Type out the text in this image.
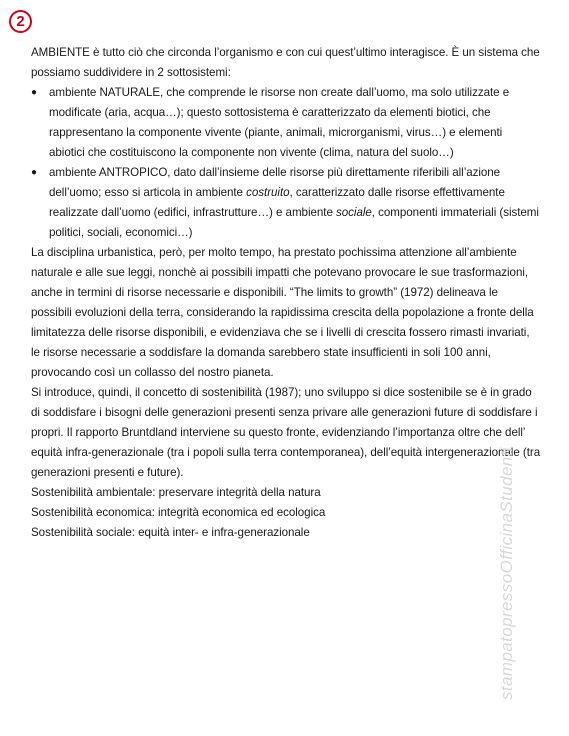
2

AMBIENTE è tutto ciò che circonda l’organismo e con cui quest’ultimo interagisce. È un sistema che possiamo suddividere in 2 sottosistemi:

● ambiente NATURALE, che comprende le risorse non create dall’uomo, ma solo utilizzate e modificate (aria, acqua…); questo sottosistema è caratterizzato da elementi biotici, che rappresentano la componente vivente (piante, animali, microrganismi, virus…) e elementi abiotici che costituiscono la componente non vivente (clima, natura del suolo…)
● ambiente ANTROPICO, dato dall’insieme delle risorse più direttamente riferibili all’azione dell’uomo; esso si articola in ambiente costruito, caratterizzato dalle risorse effettivamente realizzate dall’uomo (edifici, infrastrutture…) e ambiente sociale, componenti immateriali (sistemi politici, sociali, economici…)

La disciplina urbanistica, però, per molto tempo, ha prestato pochissima attenzione all’ambiente naturale e alle sue leggi, nonchè ai possibili impatti che potevano provocare le sue trasformazioni, anche in termini di risorse necessarie e disponibili. “The limits to growth” (1972) delineava le possibili evoluzioni della terra, considerando la rapidissima crescita della popolazione a fronte della limitatezza delle risorse disponibili, e evidenziava che se i livelli di crescita fossero rimasti invariati, le risorse necessarie a soddisfare la domanda sarebbero state insufficienti in soli 100 anni, provocando così un collasso del nostro pianeta.

Si introduce, quindi, il concetto di sostenibilità (1987); uno sviluppo si dice sostenibile se è in grado di soddisfare i bisogni delle generazioni presenti senza privare alle generazioni future di soddisfare i propri. Il rapporto Bruntdland interviene su questo fronte, evidenziando l’importanza oltre che dell’ equità infra-generazionale (tra i popoli sulla terra contemporanea), dell’equità intergenerazionale (tra generazioni presenti e future).

Sostenibilità ambientale: preservare integrità della natura

Sostenibilità economica: integrità economica ed ecologica

Sostenibilità sociale: equità inter- e infra-generazionale	stampatopressoOfficinaStudenti
